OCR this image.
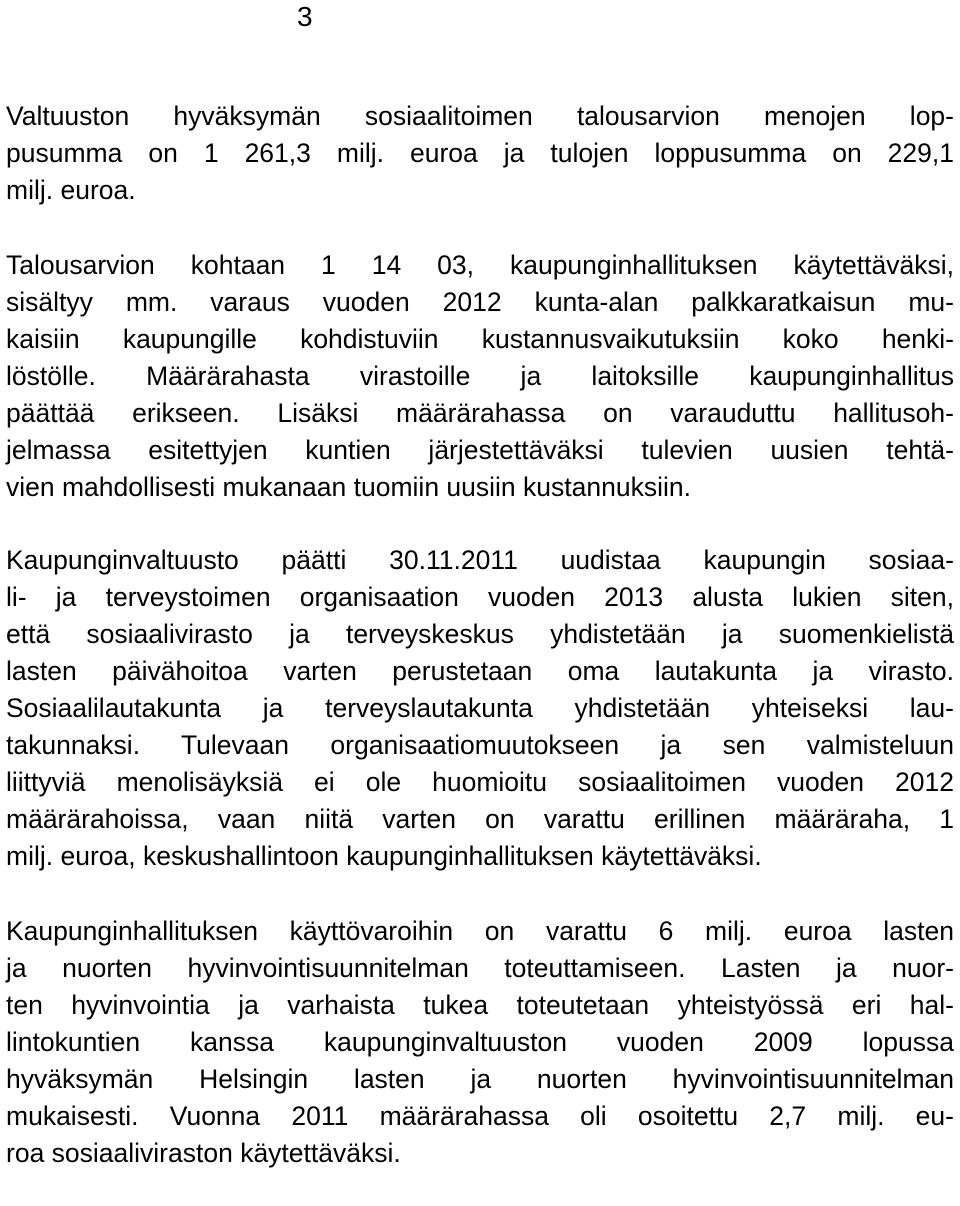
3

Valtuuston hyväksymän sosiaalitoimen talousarvion menojen lop-
pusumma on 1 261,3 milj. euroa ja tulojen loppusumma on 229,1
milj. euroa.

Talousarvion kohtaan 1 14 03, kaupunginhallituksen käytettäväksi,
sisältyy mm. varaus vuoden 2012 kunta-alan palkkaratkaisun mu-
kaisiin kaupungille kohdistuviin kustannusvaikutuksiin koko henki-
löstölle. Määrärahasta virastoille ja laitoksille kaupunginhallitus
päättää erikseen. Lisäksi määrärahassa on varauduttu hallitusoh-
jelmassa esitettyjen kuntien järjestettäväksi tulevien uusien tehtä-
vien mahdollisesti mukanaan tuomiin uusiin kustannuksiin.

Kaupunginvaltuusto päätti 30.11.2011 uudistaa kaupungin sosiaa-
li- ja terveystoimen organisaation vuoden 2013 alusta lukien siten,
että sosiaalivirasto ja terveyskeskus yhdistetään ja suomenkielistä
lasten päivähoitoa varten perustetaan oma lautakunta ja virasto.
Sosiaalilautakunta ja terveyslautakunta yhdistetään yhteiseksi lau-
takunnaksi. Tulevaan organisaatiomuutokseen ja sen valmisteluun
liittyviä menolisäyksiä ei ole huomioitu sosiaalitoimen vuoden 2012
määrärahoissa, vaan niitä varten on varattu erillinen määräraha, 1
milj. euroa, keskushallintoon kaupunginhallituksen käytettäväksi.

Kaupunginhallituksen käyttövaroihin on varattu 6 milj. euroa lasten
ja nuorten hyvinvointisuunnitelman toteuttamiseen. Lasten ja nuor-
ten hyvinvointia ja varhaista tukea toteutetaan yhteistyössä eri hal-
lintokuntien kanssa kaupunginvaltuuston vuoden 2009 lopussa
hyväksymän Helsingin lasten ja nuorten hyvinvointisuunnitelman
mukaisesti. Vuonna 2011 määrärahassa oli osoitettu 2,7 milj. eu-
roa sosiaaliviraston käytettäväksi.
